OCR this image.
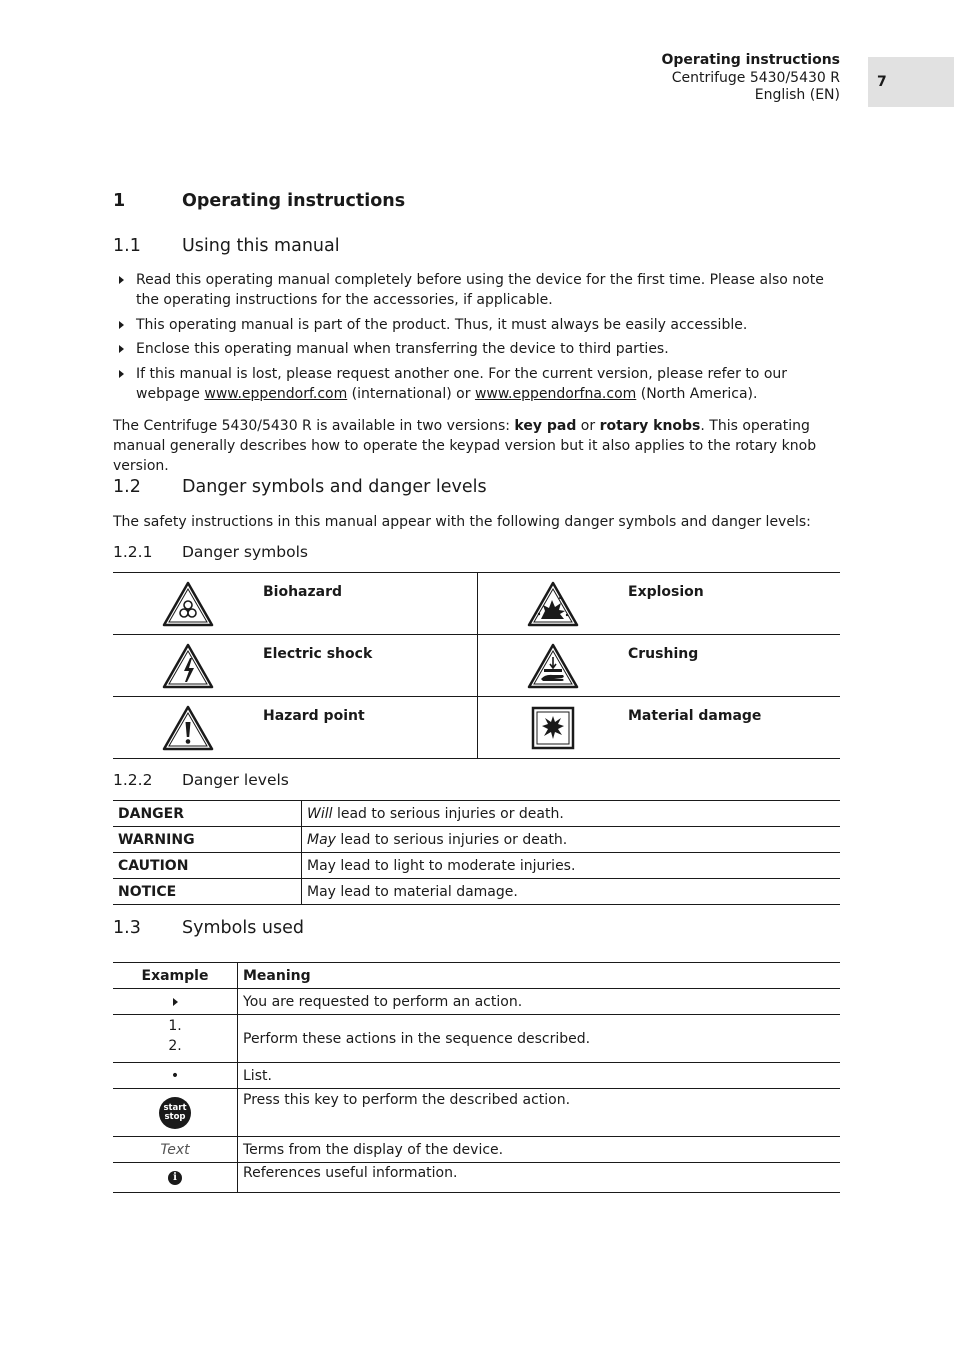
Operating instructions
Centrifuge 5430/5430 R
English (EN)
7
1	Operating instructions
1.1	Using this manual
Read this operating manual completely before using the device for the first time. Please also note the operating instructions for the accessories, if applicable.
This operating manual is part of the product. Thus, it must always be easily accessible.
Enclose this operating manual when transferring the device to third parties.
If this manual is lost, please request another one. For the current version, please refer to our webpage www.eppendorf.com (international) or www.eppendorfna.com (North America).
The Centrifuge 5430/5430 R is available in two versions: key pad or rotary knobs. This operating manual generally describes how to operate the keypad version but it also applies to the rotary knob version.
1.2	Danger symbols and danger levels
The safety instructions in this manual appear with the following danger symbols and danger levels:
1.2.1	Danger symbols
Biohazard	Explosion

Electric shock	Crushing

Hazard point	Material damage
1.2.2	Danger levels
DANGER	Will lead to serious injuries or death.
WARNING	May lead to serious injuries or death.
CAUTION	May lead to light to moderate injuries.
NOTICE	May lead to material damage.
1.3	Symbols used
Example	Meaning
	You are requested to perform an action.

1.
2.	Perform these actions in the sequence described.
•	List.

start
stop	Press this key to perform the described action.
Text	Terms from the display of the device.
i	References useful information.
